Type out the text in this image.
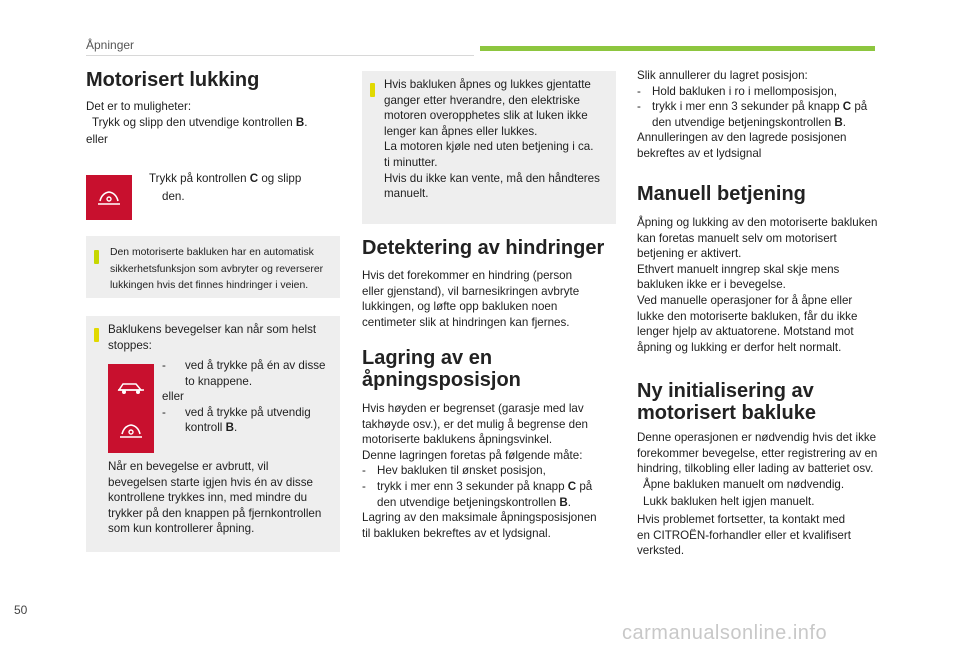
Åpninger
Motorisert lukking

Det er to muligheter:

Trykk og slipp den utvendige kontrollen B.

eller

Trykk på kontrollen C og slipp

den.

Den motoriserte bakluken har en automatisk
sikkerhetsfunksjon som avbryter og reverserer
lukkingen hvis det finnes hindringer i veien.
Baklukens bevegelser kan når som helst
stoppes:
- ved å trykke på én av disse
to knappene.
eller
- ved å trykke på utvendig
kontroll B.
Når en bevegelse er avbrutt, vil
bevegelsen starte igjen hvis én av disse
kontrollene trykkes inn, med mindre du
trykker på den knappen på fjernkontrollen
som kun kontrollerer åpning.
Hvis bakluken åpnes og lukkes gjentatte
ganger etter hverandre, den elektriske
motoren overopphetes slik at luken ikke
lenger kan åpnes eller lukkes.
La motoren kjøle ned uten betjening i ca.
ti minutter.
Hvis du ikke kan vente, må den håndteres
manuelt.
Detektering av hindringer
Hvis det forekommer en hindring (person
eller gjenstand), vil barnesikringen avbryte
lukkingen, og løfte opp bakluken noen
centimeter slik at hindringen kan fjernes.
Lagring av en
åpningsposisjon
Hvis høyden er begrenset (garasje med lav
takhøyde osv.), er det mulig å begrense den
motoriserte baklukens åpningsvinkel.
Denne lagringen foretas på følgende måte:
- Hev bakluken til ønsket posisjon,
- trykk i mer enn 3 sekunder på knapp C på
den utvendige betjeningskontrollen B.
Lagring av den maksimale åpningsposisjonen
til bakluken bekreftes av et lydsignal.
Slik annullerer du lagret posisjon:
- Hold bakluken i ro i mellomposisjon,
- trykk i mer enn 3 sekunder på knapp C på
den utvendige betjeningskontrollen B.
Annulleringen av den lagrede posisjonen
bekreftes av et lydsignal
Manuell betjening
Åpning og lukking av den motoriserte bakluken
kan foretas manuelt selv om motorisert
betjening er aktivert.
Ethvert manuelt inngrep skal skje mens
bakluken ikke er i bevegelse.
Ved manuelle operasjoner for å åpne eller
lukke den motoriserte bakluken, får du ikke
lenger hjelp av aktuatorene. Motstand mot
åpning og lukking er derfor helt normalt.
Ny initialisering av
motorisert bakluke
Denne operasjonen er nødvendig hvis det ikke
forekommer bevegelse, etter registrering av en
hindring, tilkobling eller lading av batteriet osv.
Åpne bakluken manuelt om nødvendig.
Lukk bakluken helt igjen manuelt.
Hvis problemet fortsetter, ta kontakt med
en CITROËN-forhandler eller et kvalifisert
verksted.
50
carmanualsonline.info
